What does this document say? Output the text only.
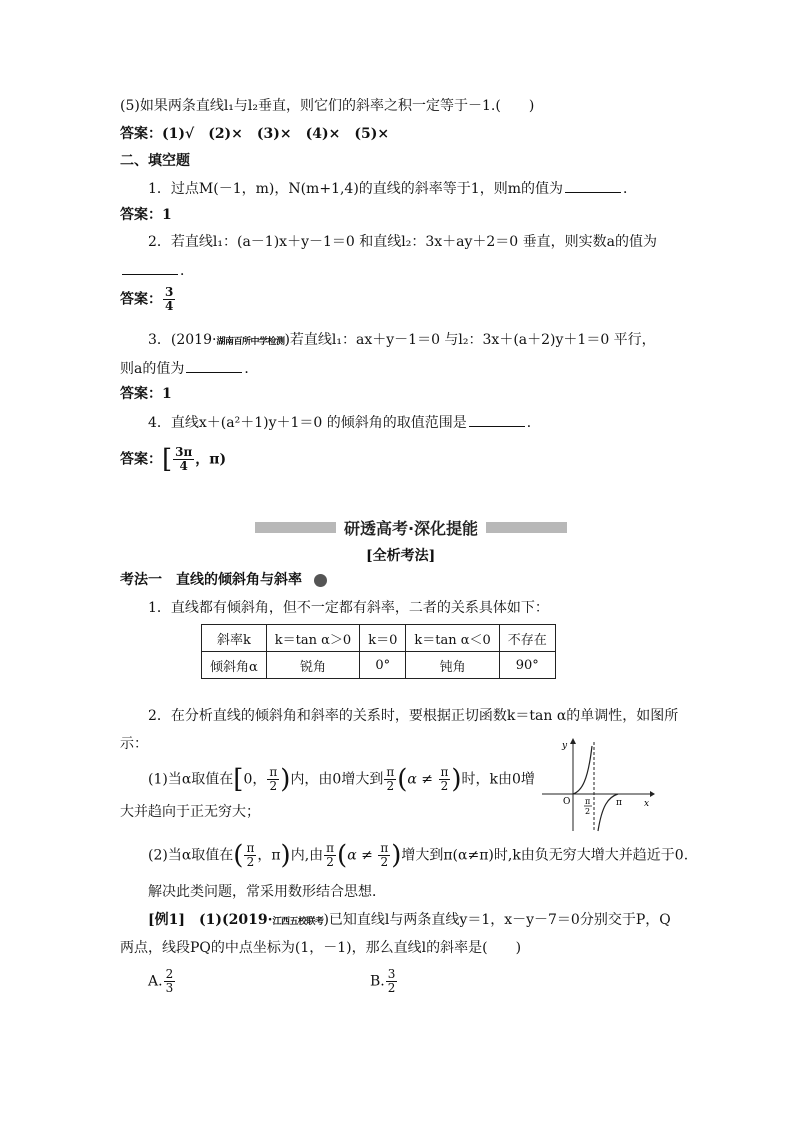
(5)如果两条直线l₁与l₂垂直，则它们的斜率之积一定等于－1.(　　)
答案：(1)√　(2)×　(3)×　(4)×　(5)×
二、填空题
1．过点M(－1，m)，N(m+1,4)的直线的斜率等于1，则m的值为	．
答案：1
2．若直线l₁：(a－1)x＋y－1＝0 和直线l₂：3x＋ay＋2＝0 垂直，则实数a的值为
．
答案： $\frac{3}{4}$
3．(2019·湖南百所中学检测)若直线l₁：ax＋y－1＝0 与l₂：3x＋(a＋2)y＋1＝0 平行，
则a的值为	．
答案：1
4．直线x＋(a²＋1)y＋1＝0 的倾斜角的取值范围是	．
答案：[ $\frac{3\pi}{4}$ ，π)
研透高考·深化提能
[全析考法]
考法一　直线的倾斜角与斜率
1．直线都有倾斜角，但不一定都有斜率，二者的关系具体如下：
斜率k	k＝tan α＞0	k＝0	k＝tan α＜0	不存在
倾斜角α	锐角	0°	钝角	90°
2．在分析直线的倾斜角和斜率的关系时，要根据正切函数k＝tan α的单调性，如图所
示：
(1)当α取值在[0， $\frac{\pi}{2}$ )内，由0增大到 $\frac{\pi}{2} (\alpha \ne \frac{\pi}{2}$ )时，k由0增
大并趋向于正无穷大；
(2)当α取值在( $\frac{\pi}{2}$ ，π)内,由 $\frac{\pi}{2} (\alpha \ne \frac{\pi}{2}$ )增大到π(α≠π)时,k由负无穷大增大并趋近于0.
解决此类问题，常采用数形结合思想．
[例1]　(1)(2019·江西五校联考)已知直线l与两条直线y＝1，x－y－7＝0分别交于P，Q
两点，线段PQ的中点坐标为(1，－1)，那么直线l的斜率是(　　)
A. $\frac{2}{3}$	B. $\frac{3}{2}$
y
x
O	π
π
2
